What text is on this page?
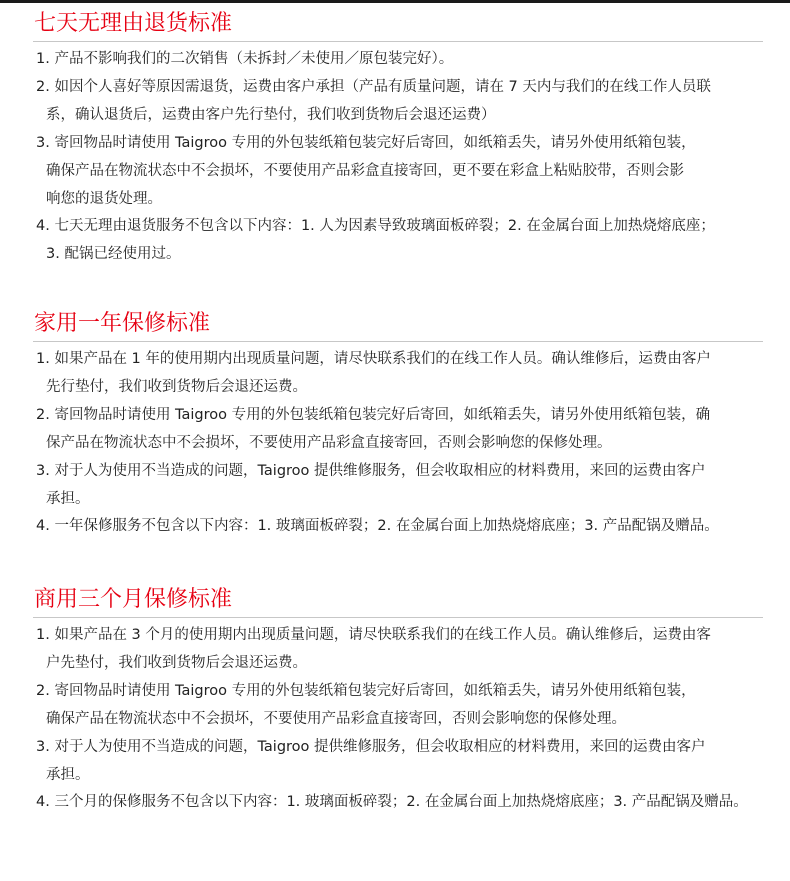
七天无理由退货标准
1. 产品不影响我们的二次销售（未拆封／未使用／原包装完好）。
2. 如因个人喜好等原因需退货，运费由客户承担（产品有质量问题，请在 7 天内与我们的在线工作人员联
系，确认退货后，运费由客户先行垫付，我们收到货物后会退还运费）
3. 寄回物品时请使用 Taigroo 专用的外包装纸箱包装完好后寄回，如纸箱丢失，请另外使用纸箱包装，
确保产品在物流状态中不会损坏，不要使用产品彩盒直接寄回，更不要在彩盒上粘贴胶带，否则会影
响您的退货处理。
4. 七天无理由退货服务不包含以下内容：1. 人为因素导致玻璃面板碎裂；2. 在金属台面上加热烧熔底座；
3. 配锅已经使用过。
家用一年保修标准
1. 如果产品在 1 年的使用期内出现质量问题，请尽快联系我们的在线工作人员。确认维修后，运费由客户
先行垫付，我们收到货物后会退还运费。
2. 寄回物品时请使用 Taigroo 专用的外包装纸箱包装完好后寄回，如纸箱丢失，请另外使用纸箱包装，确
保产品在物流状态中不会损坏，不要使用产品彩盒直接寄回，否则会影响您的保修处理。
3. 对于人为使用不当造成的问题，Taigroo 提供维修服务，但会收取相应的材料费用，来回的运费由客户
承担。
4. 一年保修服务不包含以下内容：1. 玻璃面板碎裂；2. 在金属台面上加热烧熔底座；3. 产品配锅及赠品。
商用三个月保修标准
1. 如果产品在 3 个月的使用期内出现质量问题，请尽快联系我们的在线工作人员。确认维修后，运费由客
户先垫付，我们收到货物后会退还运费。
2. 寄回物品时请使用 Taigroo 专用的外包装纸箱包装完好后寄回，如纸箱丢失，请另外使用纸箱包装，
确保产品在物流状态中不会损坏，不要使用产品彩盒直接寄回，否则会影响您的保修处理。
3. 对于人为使用不当造成的问题，Taigroo 提供维修服务，但会收取相应的材料费用，来回的运费由客户
承担。
4. 三个月的保修服务不包含以下内容：1. 玻璃面板碎裂；2. 在金属台面上加热烧熔底座；3. 产品配锅及赠品。
